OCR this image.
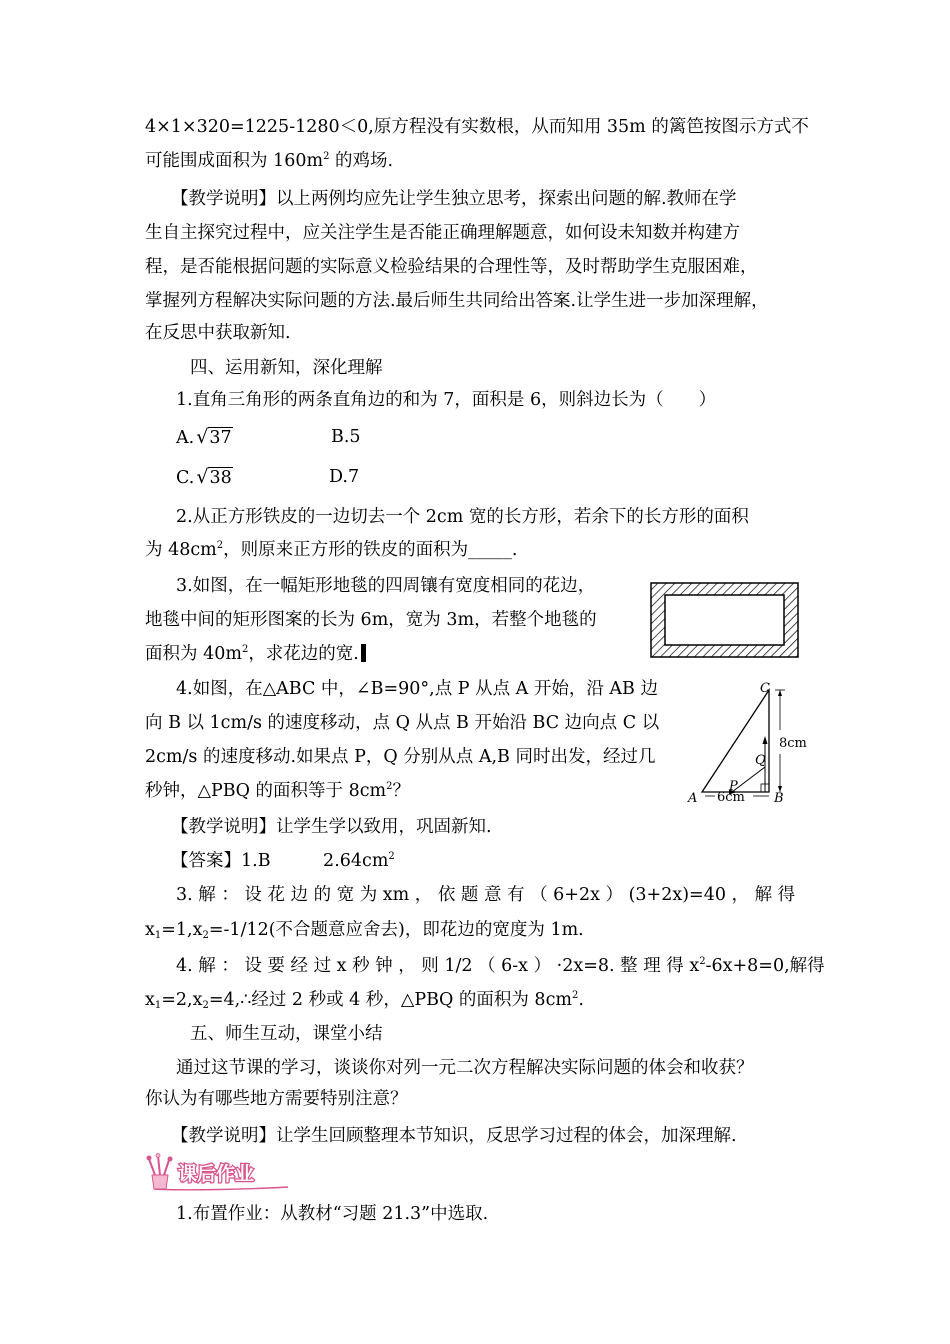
4×1×320=1225-1280＜0,原方程没有实数根，从而知用 35m 的篱笆按图示方式不
可能围成面积为 $160m^2$ 的鸡场.
【教学说明】以上两例均应先让学生独立思考，探索出问题的解.教师在学
生自主探究过程中，应关注学生是否能正确理解题意，如何设未知数并构建方
程，是否能根据问题的实际意义检验结果的合理性等，及时帮助学生克服困难，
掌握列方程解决实际问题的方法.最后师生共同给出答案.让学生进一步加深理解，
在反思中获取新知.
四、运用新知，深化理解
1.直角三角形的两条直角边的和为 7，面积是 6，则斜边长为（　　）
A. √37	B.5
C. √38	D.7
2.从正方形铁皮的一边切去一个 2cm 宽的长方形，若余下的长方形的面积
为 $48cm^2$，则原来正方形的铁皮的面积为_____.
3.如图，在一幅矩形地毯的四周镶有宽度相同的花边，
地毯中间的矩形图案的长为 6m，宽为 3m，若整个地毯的
面积为 $40m^2$，求花边的宽.
4.如图，在△ABC 中，∠B=90°,点 P 从点 A 开始，沿 AB 边
向 B 以 1cm/s 的速度移动，点 Q 从点 B 开始沿 BC 边向点 C 以
2cm/s 的速度移动.如果点 P，Q 分别从点 A,B 同时出发，经过几
秒钟，△PBQ 的面积等于 $8cm^2$？
C
A	B
P
Q
8cm
6cm
【教学说明】让学生学以致用，巩固新知.
【答案】1.B　　　$2.64cm^2$
3. 解 ： 设 花 边 的 宽 为 xm ， 依 题 意 有 （ 6+2x ） (3+2x)=40 ， 解 得
$x_1=1,x_2=-1/12$(不合题意应舍去)，即花边的宽度为 1m.
4. 解 ： 设 要 经 过 x 秒 钟 ， 则 1/2 （ 6-x ） ·2x=8. 整 理 得 $x^2-6x+8=0$,解得
$x_1=2,x_2=4,\therefore$经过 2 秒或 4 秒，△PBQ 的面积为 $8cm^2$.
五、师生互动，课堂小结
通过这节课的学习，谈谈你对列一元二次方程解决实际问题的体会和收获？
你认为有哪些地方需要特别注意？
【教学说明】让学生回顾整理本节知识，反思学习过程的体会，加深理解.
课后作业
1.布置作业：从教材“习题 21.3”中选取.
